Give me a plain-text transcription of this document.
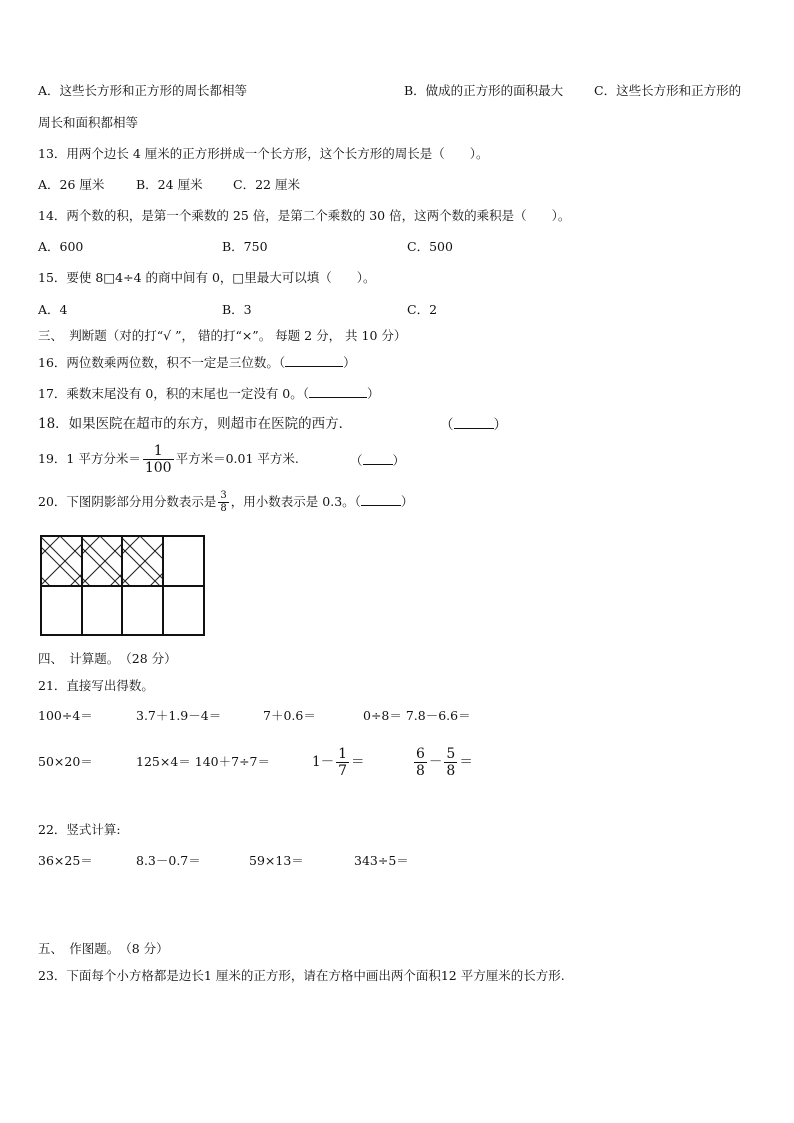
A．这些长方形和正方形的周长都相等	B．做成的正方形的面积最大 C．这些长方形和正方形的
周长和面积都相等
13．用两个边长 4 厘米的正方形拼成一个长方形，这个长方形的周长是（　　）。
A．26 厘米	B．24 厘米 C．22 厘米
14．两个数的积，是第一个乘数的 25 倍，是第二个乘数的 30 倍，这两个数的乘积是（　　）。
A．600	B．750	C．500
15．要使 8□4÷4 的商中间有 0，□里最大可以填（　　）。
A．4	B．3	C．2
三、　判断题（对的打“√ ”， 错的打“×”。 每题 2 分， 共 10 分）
16．两位数乘两位数，积不一定是三位数。（	）
17．乘数末尾没有 0，积的末尾也一定没有 0。（	）
18．如果医院在超市的东方，则超市在医院的西方．	（	）
19．1 平方分米＝ $\frac{1}{100}$ 平方米＝0.01 平方米.	（ ）
20．下图阴影部分用分数表示是 $\frac{3}{8}$ ，用小数表示是 0.3。（	）
四、　计算题。　（28 分）
21．直接写出得数。
100÷4＝	3.7＋1.9－4＝	7＋0.6＝	0÷8＝ 7.8－6.6＝
50×20＝	125×4＝ 140＋7÷7＝	$1- \frac{1}{7}$ ＝	$\frac{6}{8} - \frac{5}{8}$ ＝
22．竖式计算:
36×25＝	8.3－0.7＝	59×13＝	343÷5＝
五、　作图题。　（8 分）
23．下面每个小方格都是边长1 厘米的正方形，请在方格中画出两个面积12 平方厘米的长方形.
